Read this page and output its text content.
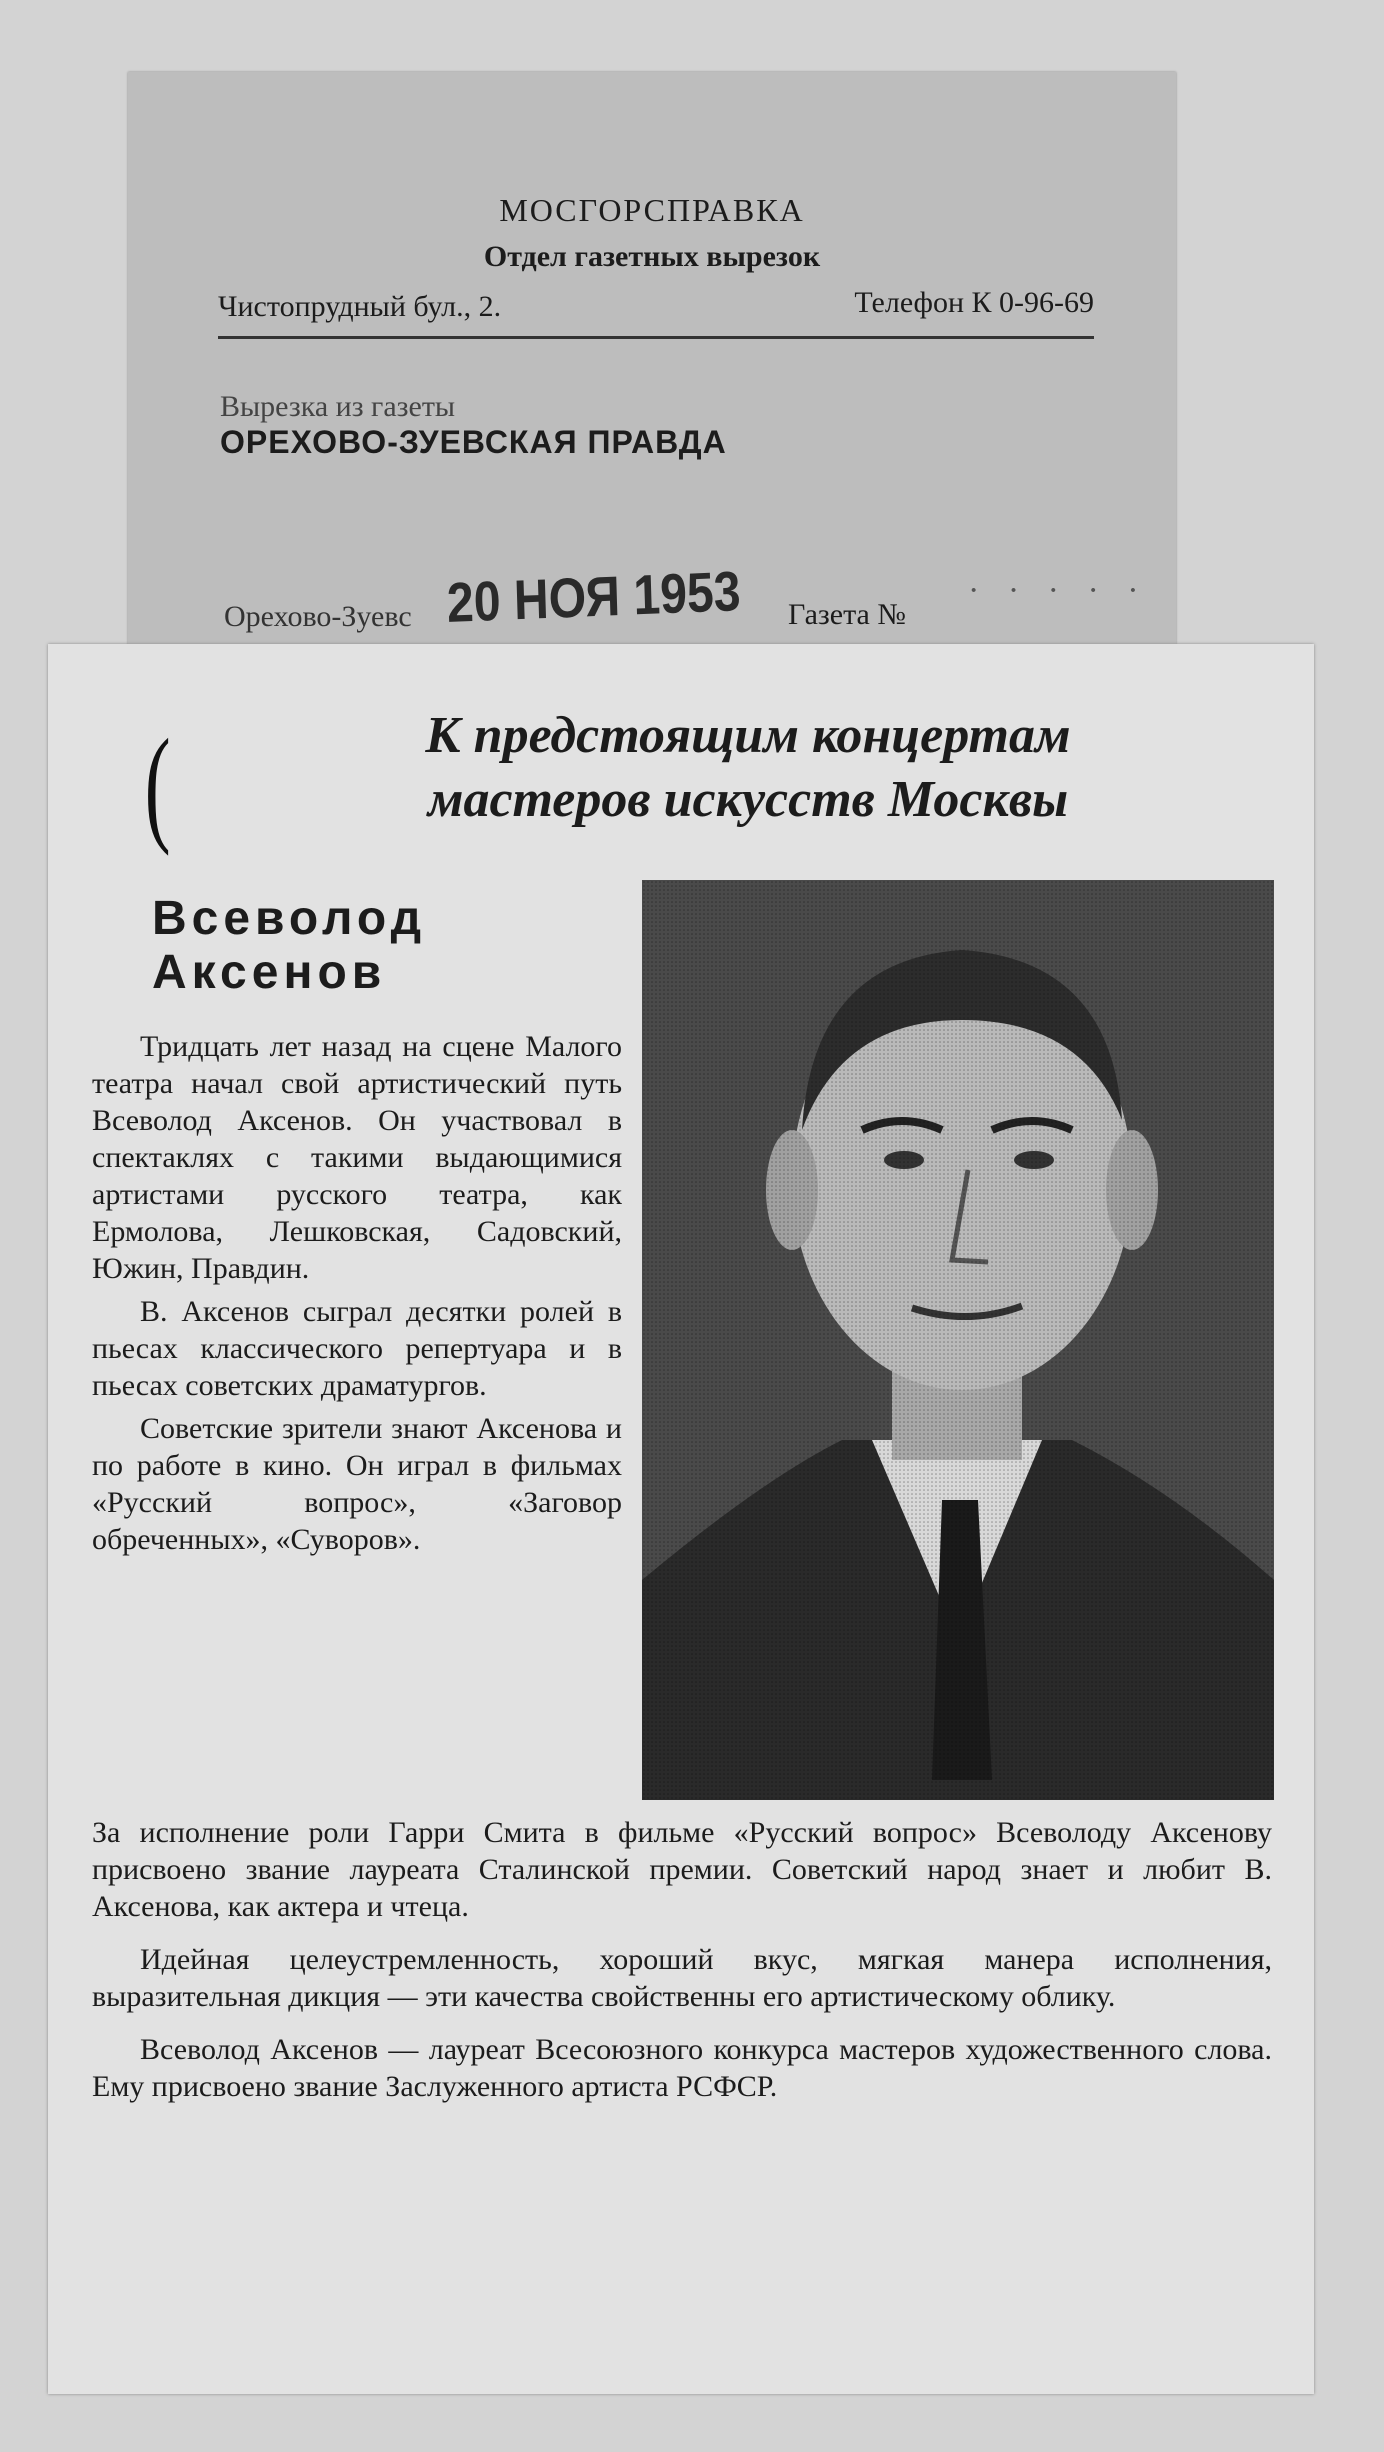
МОСГОРСПРАВКА
Отдел газетных вырезок
Чистопрудный бул., 2.	Телефон К 0-96-69
Вырезка из газеты
ОРЕХОВО-ЗУЕВСКАЯ ПРАВДА
20 НОЯ 1953	· · · · ·
Орехово-Зуевс	Газета №
(	К предстоящим концертам
мастеров искусств Москвы
Всеволод
Аксенов

Тридцать лет назад на сцене Малого театра начал свой артистический путь Всеволод Аксенов. Он участвовал в спектаклях с такими выдающимися артистами русского театра, как Ермолова, Лешковская, Садовский, Южин, Правдин.

В. Аксенов сыграл десятки ролей в пьесах классического репертуара и в пьесах советских драматургов.

Советские зрители знают Аксенова и по работе в кино. Он играл в фильмах «Русский вопрос», «Заговор обреченных», «Суворов».

За исполнение роли Гарри Смита в фильме «Русский вопрос» Всеволоду Аксенову присвоено звание лауреата Сталинской премии. Советский народ знает и любит В. Аксенова, как актера и чтеца.

Идейная целеустремленность, хороший вкус, мягкая манера исполнения, выразительная дикция — эти качества свойственны его артистическому облику.

Всеволод Аксенов — лауреат Всесоюзного конкурса мастеров художественного слова. Ему присвоено звание Заслуженного артиста РСФСР.
